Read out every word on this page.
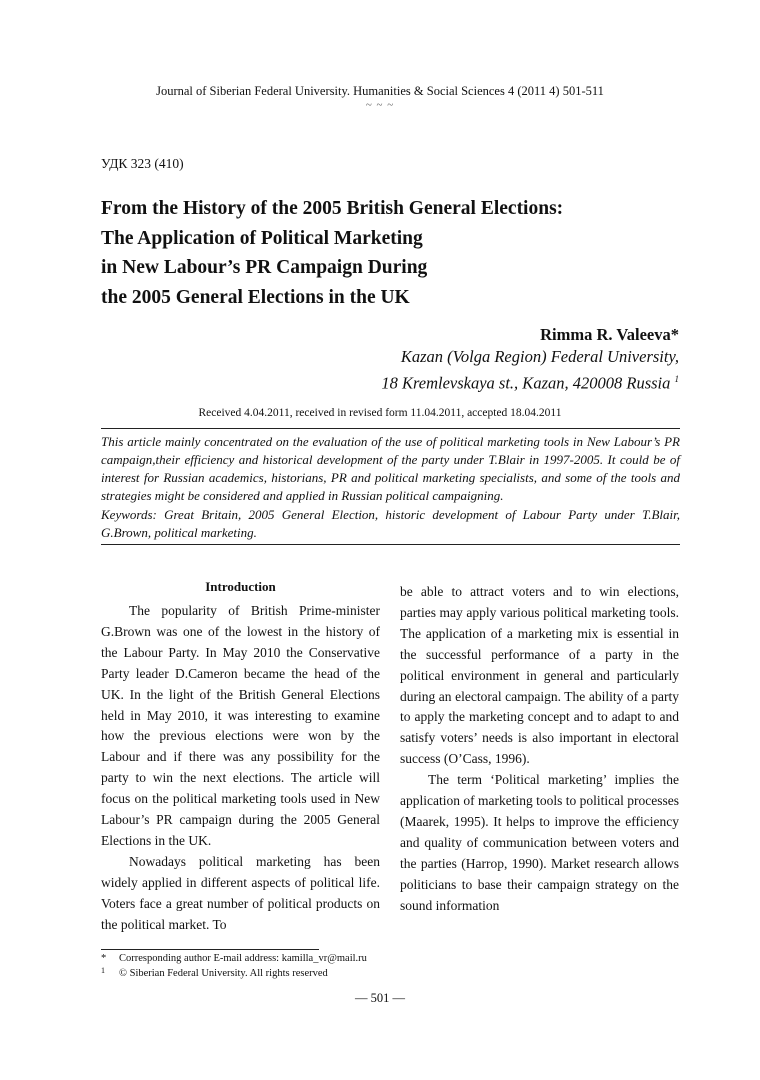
Journal of Siberian Federal University. Humanities & Social Sciences 4 (2011 4) 501-511
~ ~ ~
УДК 323 (410)
From the History of the 2005 British General Elections:
The Application of Political Marketing
in New Labour’s PR Campaign During
the 2005 General Elections in the UK
Rimma R. Valeeva*
Kazan (Volga Region) Federal University,
18 Kremlevskaya st., Kazan, 420008 Russia $^1$
Received 4.04.2011, received in revised form 11.04.2011, accepted 18.04.2011
This article mainly concentrated on the evaluation of the use of political marketing tools in New Labour’s PR campaign,their efficiency and historical development of the party under T.Blair in 1997-2005. It could be of interest for Russian academics, historians, PR and political marketing specialists, and some of the tools and strategies might be considered and applied in Russian political campaigning.
Keywords: Great Britain, 2005 General Election, historic development of Labour Party under T.Blair, G.Brown, political marketing.

Introduction

The popularity of British Prime-minister G.Brown was one of the lowest in the history of the Labour Party. In May 2010 the Conservative Party leader D.Cameron became the head of the UK. In the light of the British General Elections held in May 2010, it was interesting to examine how the previous elections were won by the Labour and if there was any possibility for the party to win the next elections. The article will focus on the political marketing tools used in New Labour’s PR campaign during the 2005 General Elections in the UK.

Nowadays political marketing has been widely applied in different aspects of political life. Voters face a great number of political products on the political market. To

be able to attract voters and to win elections, parties may apply various political marketing tools. The application of a marketing mix is essential in the successful performance of a party in the political environment in general and particularly during an electoral campaign. The ability of a party to apply the marketing concept and to adapt to and satisfy voters’ needs is also important in electoral success (O’Cass, 1996).

The term ‘Political marketing’ implies the application of marketing tools to political processes (Maarek, 1995). It helps to improve the efficiency and quality of communication between voters and the parties (Harrop, 1990). Market research allows politicians to base their campaign strategy on the sound information

* Corresponding author E-mail address: kamilla_vr@mail.ru
1 © Siberian Federal University. All rights reserved
— 501 —
